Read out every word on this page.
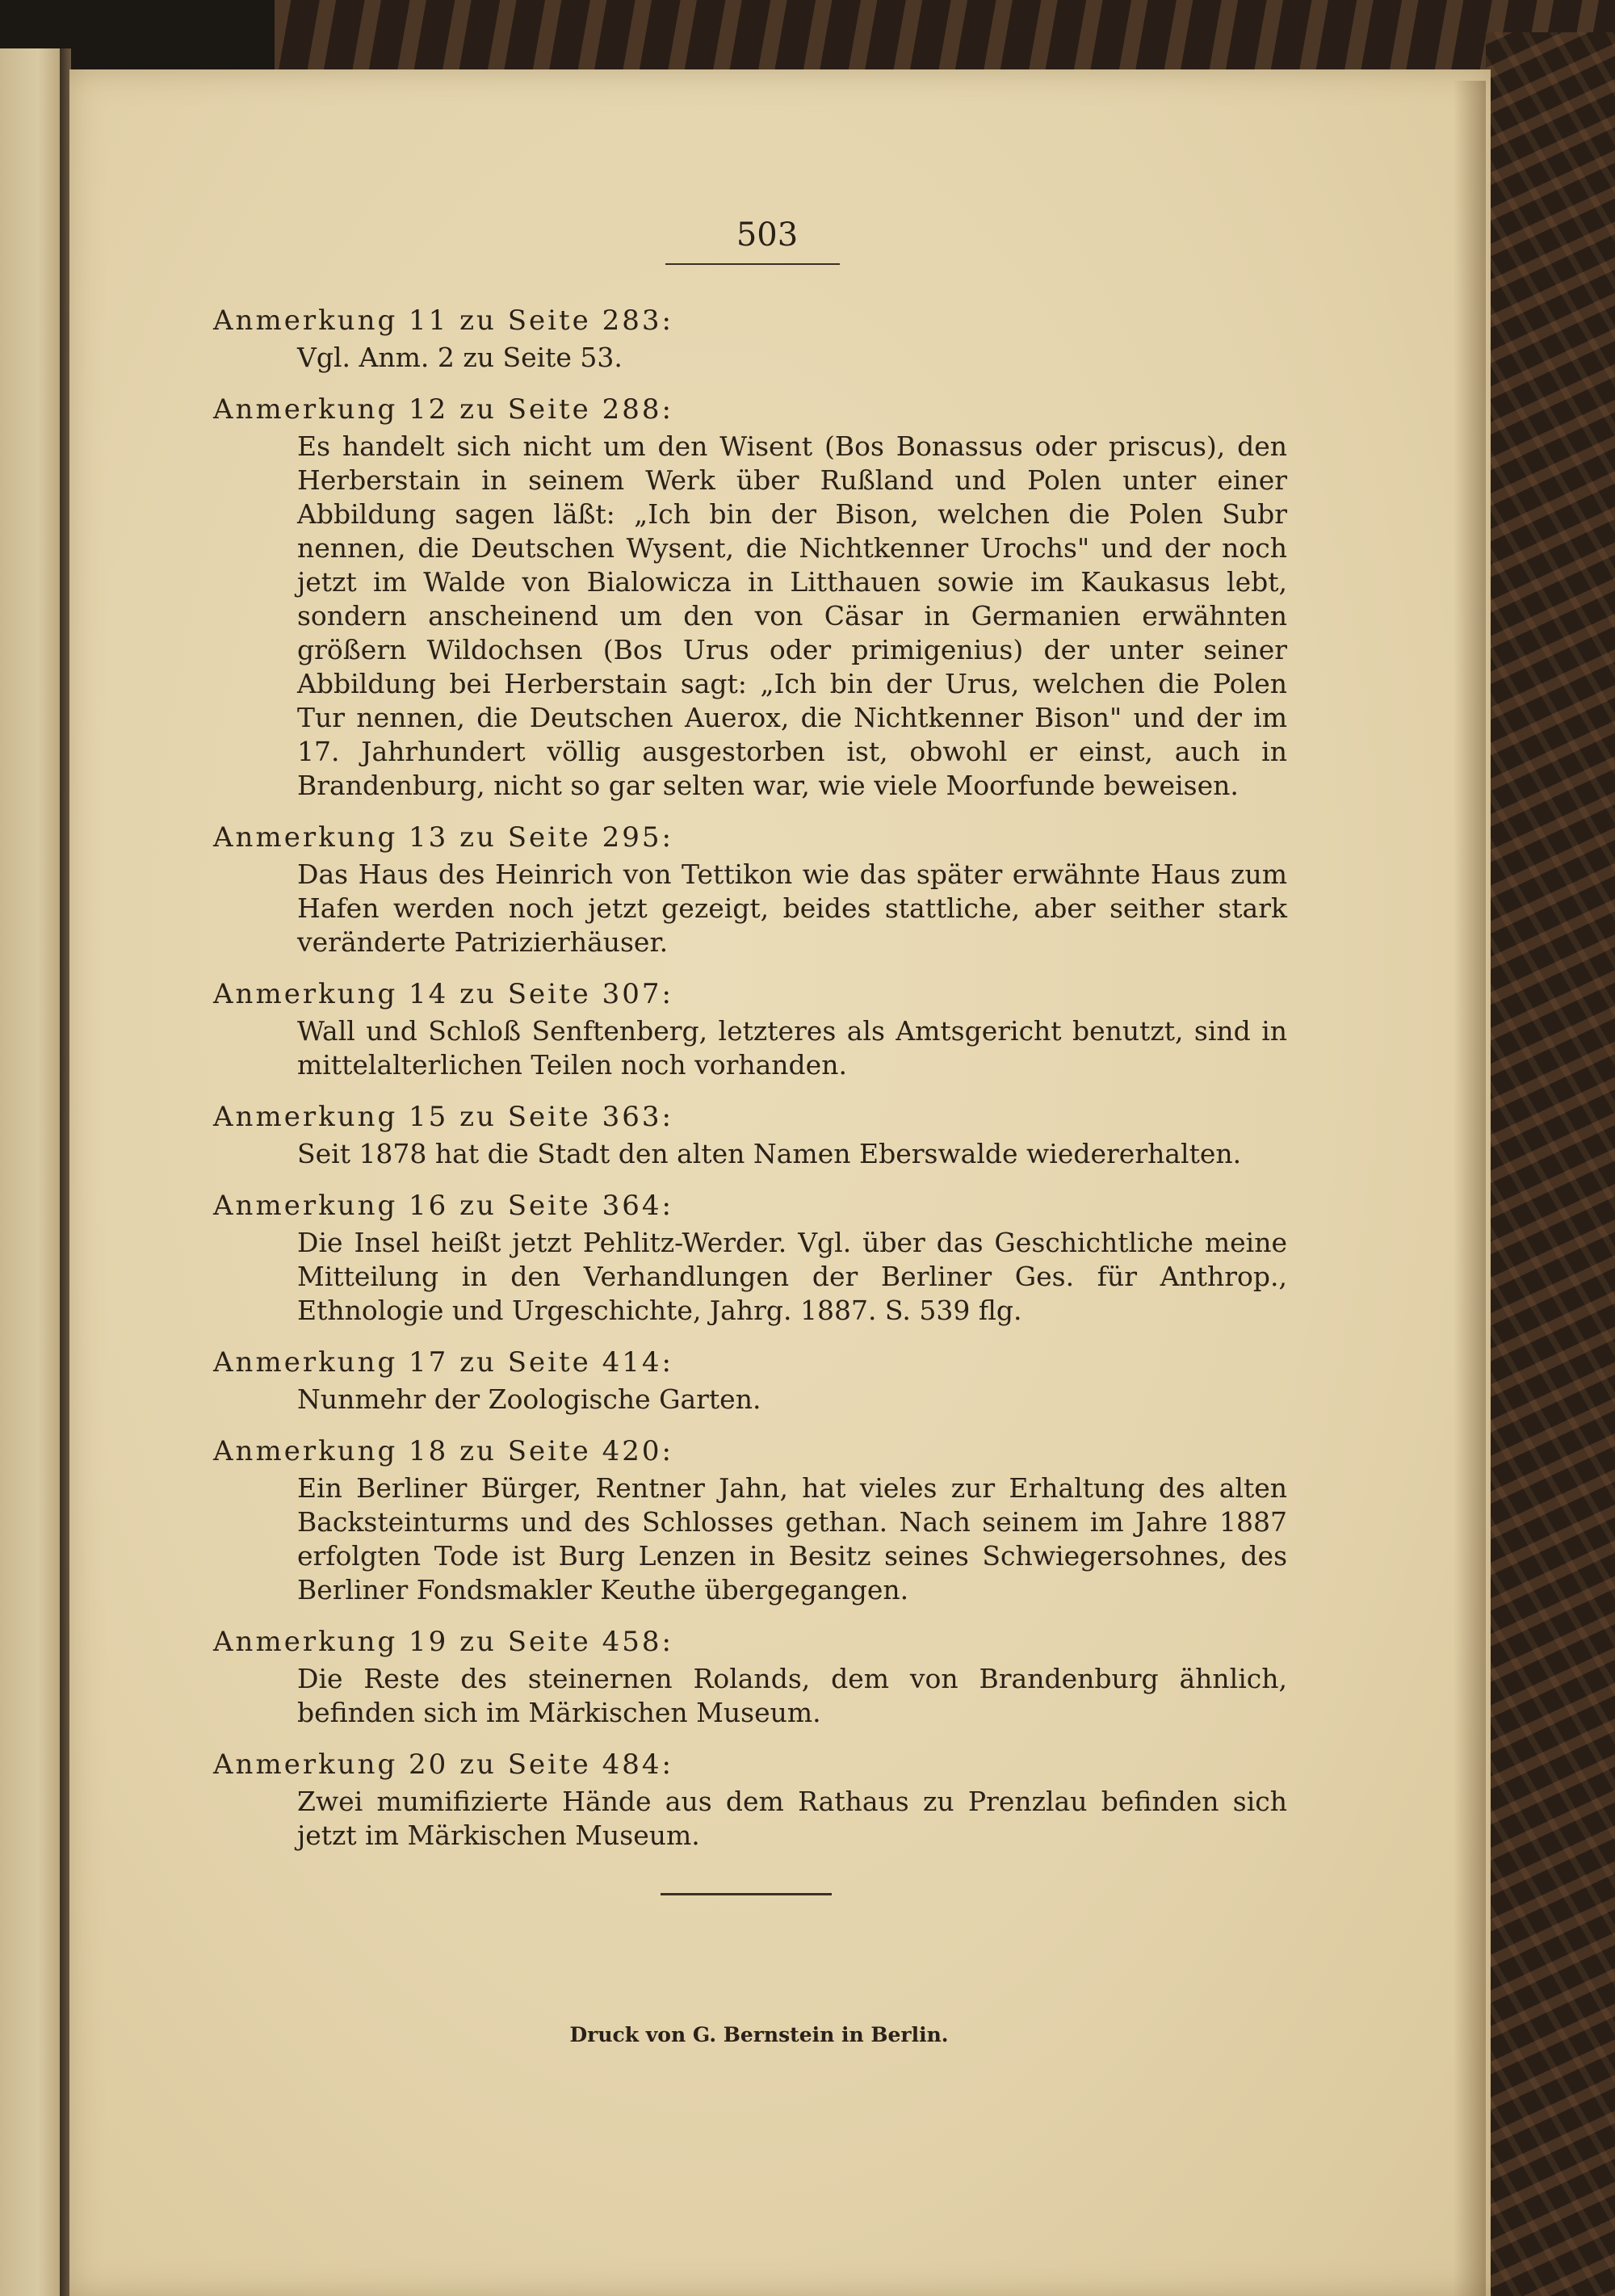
503
Anmerkung 11 zu Seite 283:
Vgl. Anm. 2 zu Seite 53.
Anmerkung 12 zu Seite 288:
Es handelt sich nicht um den Wisent (Bos Bonassus oder priscus), den Herberstain in seinem Werk über Rußland und Polen unter einer Abbildung sagen läßt: „Ich bin der Bison, welchen die Polen Subr nennen, die Deutschen Wysent, die Nichtkenner Urochs" und der noch jetzt im Walde von Bialowicza in Litthauen sowie im Kaukasus lebt, sondern anscheinend um den von Cäsar in Germanien erwähnten größern Wildochsen (Bos Urus oder primigenius) der unter seiner Abbildung bei Herberstain sagt: „Ich bin der Urus, welchen die Polen Tur nennen, die Deutschen Auerox, die Nichtkenner Bison" und der im 17. Jahrhundert völlig ausgestorben ist, obwohl er einst, auch in Brandenburg, nicht so gar selten war, wie viele Moorfunde beweisen.
Anmerkung 13 zu Seite 295:
Das Haus des Heinrich von Tettikon wie das später erwähnte Haus zum Hafen werden noch jetzt gezeigt, beides stattliche, aber seither stark veränderte Patrizierhäuser.
Anmerkung 14 zu Seite 307:
Wall und Schloß Senftenberg, letzteres als Amtsgericht benutzt, sind in mittelalterlichen Teilen noch vorhanden.
Anmerkung 15 zu Seite 363:
Seit 1878 hat die Stadt den alten Namen Eberswalde wiedererhalten.
Anmerkung 16 zu Seite 364:
Die Insel heißt jetzt Pehlitz-Werder. Vgl. über das Geschichtliche meine Mitteilung in den Verhandlungen der Berliner Ges. für Anthrop., Ethnologie und Urgeschichte, Jahrg. 1887. S. 539 flg.
Anmerkung 17 zu Seite 414:
Nunmehr der Zoologische Garten.
Anmerkung 18 zu Seite 420:
Ein Berliner Bürger, Rentner Jahn, hat vieles zur Erhaltung des alten Backsteinturms und des Schlosses gethan. Nach seinem im Jahre 1887 erfolgten Tode ist Burg Lenzen in Besitz seines Schwiegersohnes, des Berliner Fondsmakler Keuthe übergegangen.
Anmerkung 19 zu Seite 458:
Die Reste des steinernen Rolands, dem von Brandenburg ähnlich, befinden sich im Märkischen Museum.
Anmerkung 20 zu Seite 484:
Zwei mumifizierte Hände aus dem Rathaus zu Prenzlau befinden sich jetzt im Märkischen Museum.
Druck von G. Bernstein in Berlin.
